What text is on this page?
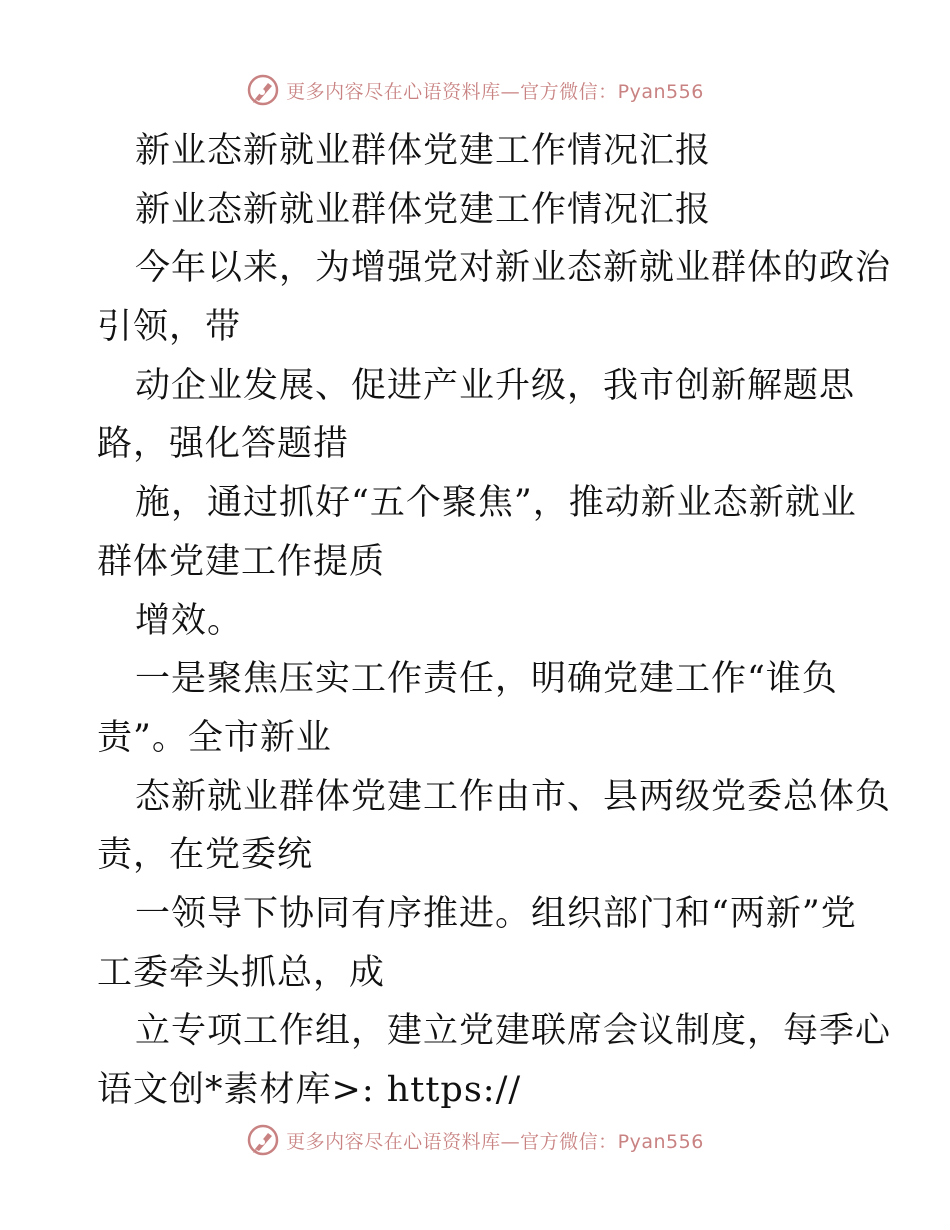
更多内容尽在心语资料库—官方微信：Pyan556
新业态新就业群体党建工作情况汇报
新业态新就业群体党建工作情况汇报
今年以来，为增强党对新业态新就业群体的政治
引领，带
动企业发展、促进产业升级，我市创新解题思
路，强化答题措
施，通过抓好“五个聚焦”，推动新业态新就业
群体党建工作提质
增效。
一是聚焦压实工作责任，明确党建工作“谁负
责”。全市新业
态新就业群体党建工作由市、县两级党委总体负
责，在党委统
一领导下协同有序推进。组织部门和“两新”党
工委牵头抓总，成
立专项工作组，建立党建联席会议制度，每季心
语文创*素材库>: https://
更多内容尽在心语资料库—官方微信：Pyan556
